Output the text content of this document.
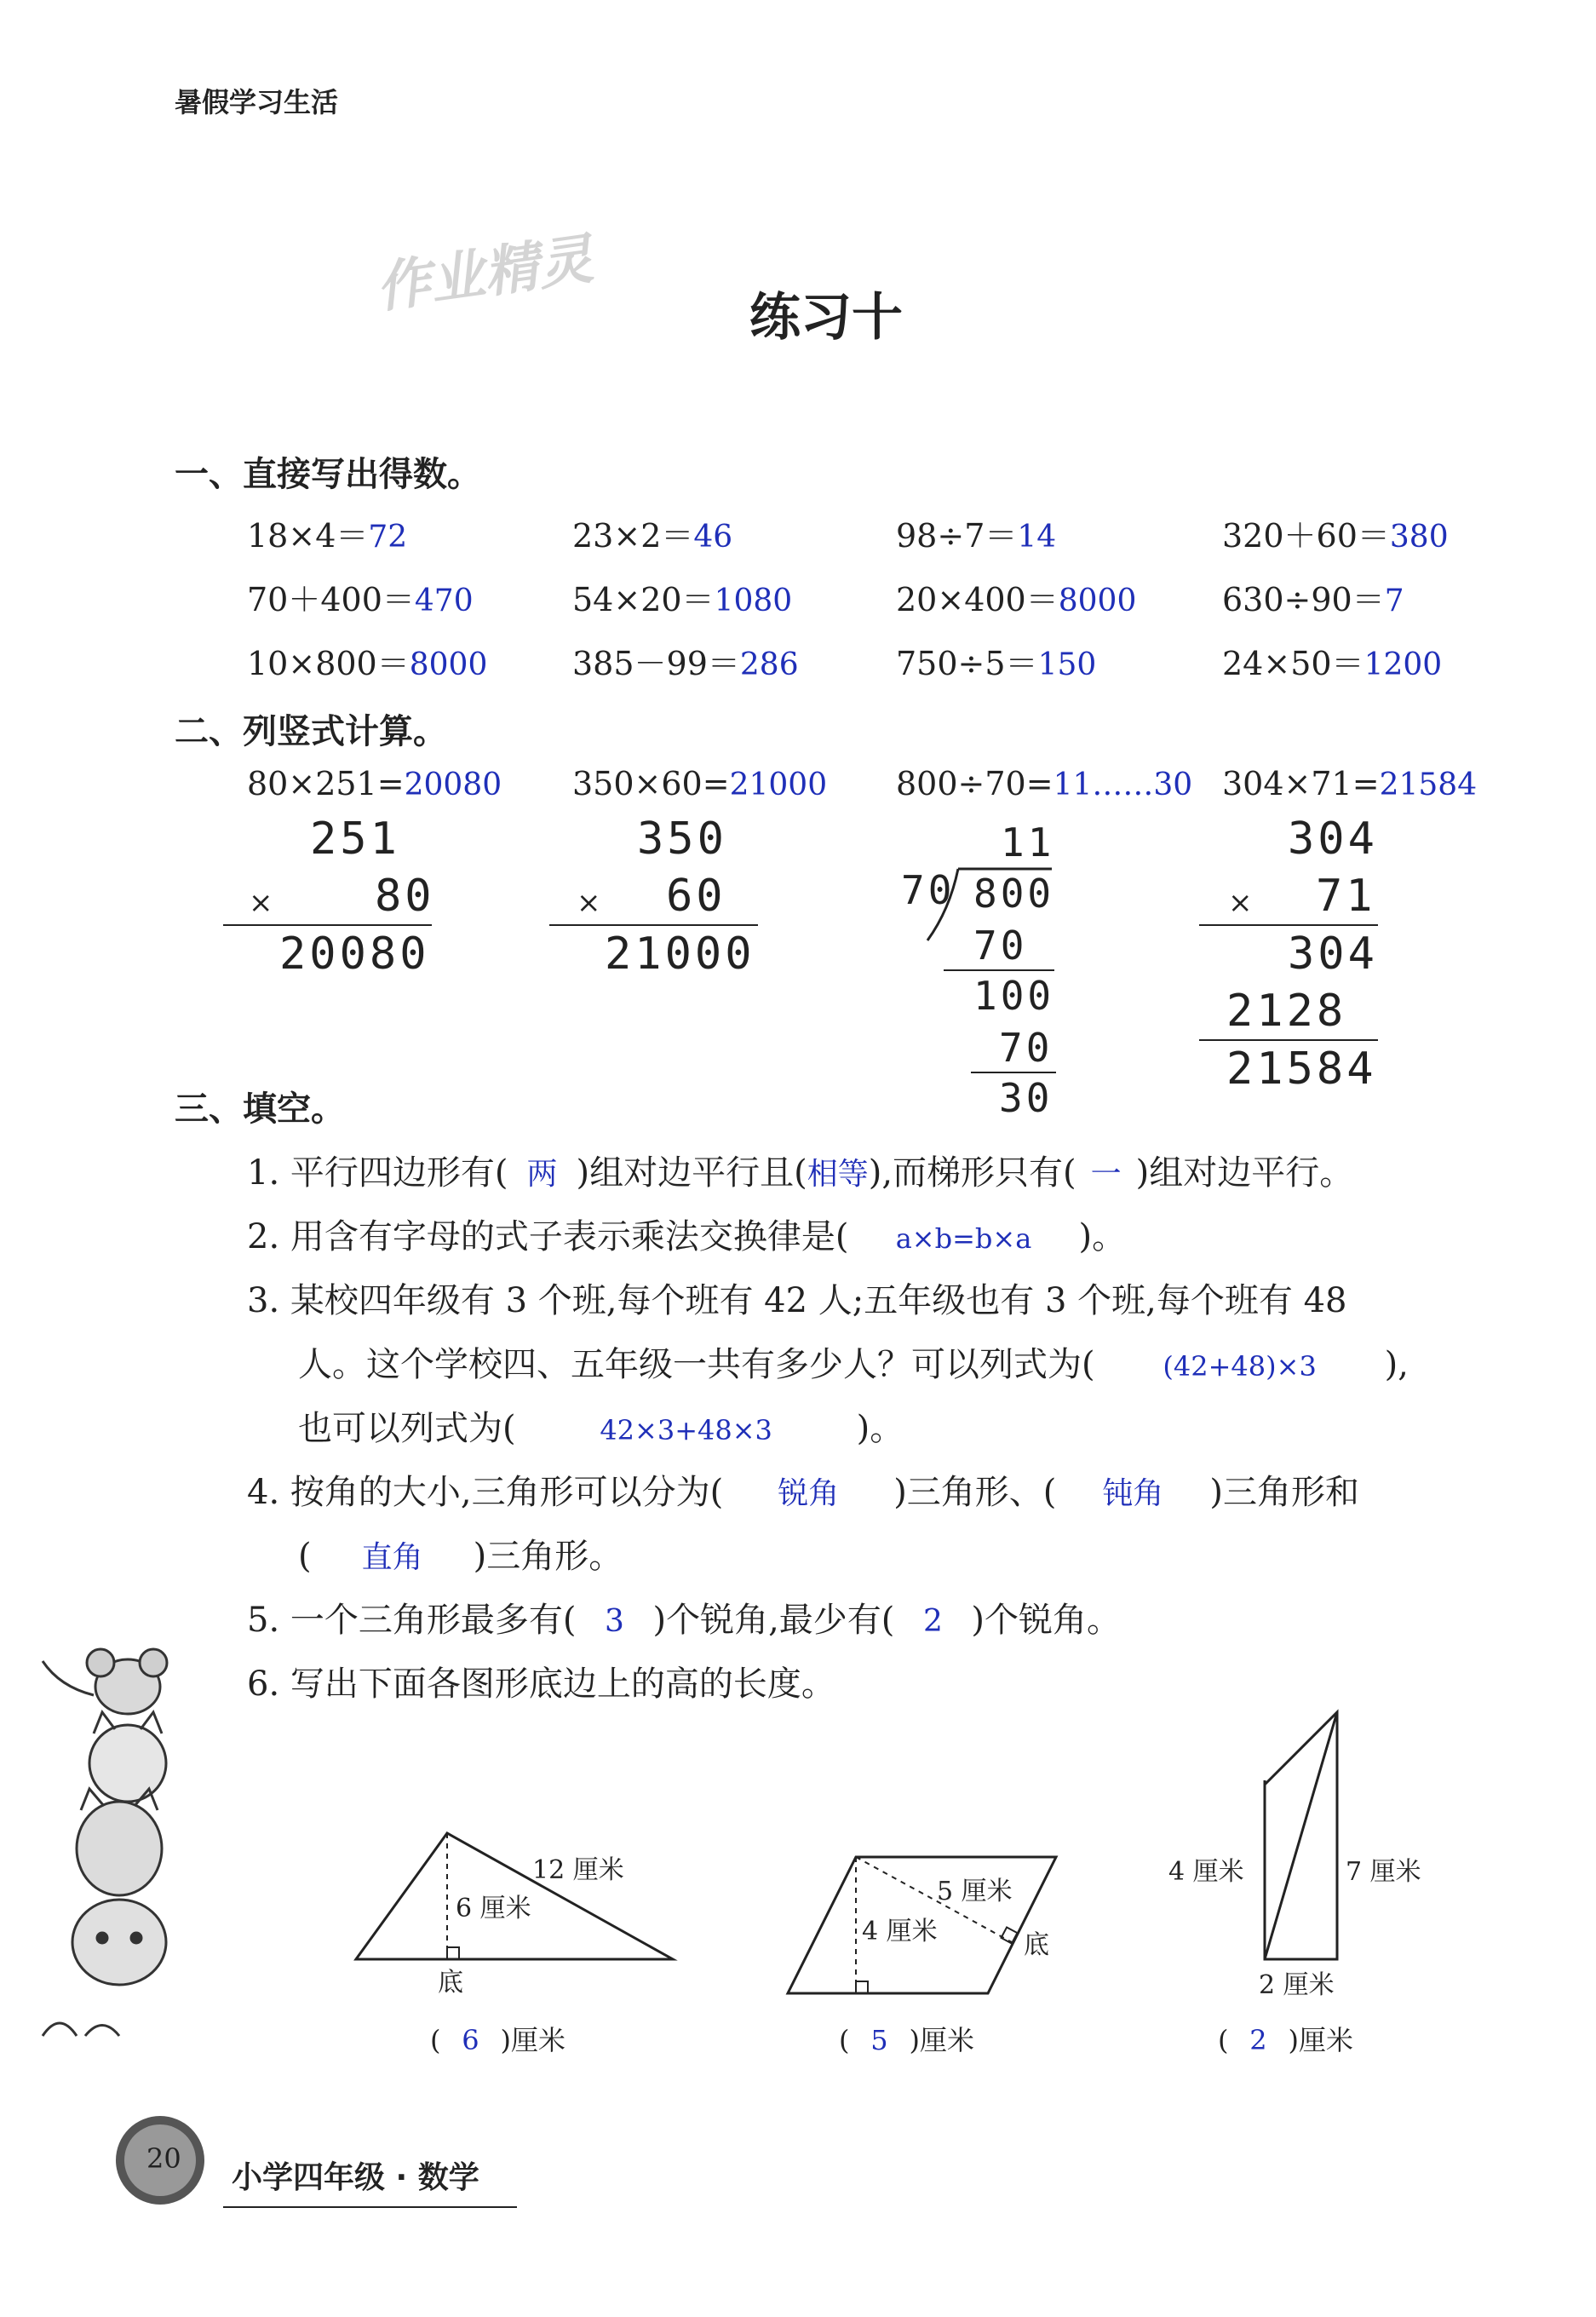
暑假学习生活
作业精灵	练习十
一、直接写出得数。
18×4＝72	23×2＝46	98÷7＝14	320＋60＝380
70＋400＝470	54×20＝1080	20×400＝8000	630÷90＝7
10×800＝8000	385－99＝286	750÷5＝150	24×50＝1200
二、列竖式计算。
80×251=20080 350×60=21000 800÷70=11……30 304×71=21584
251
× 80
20080
350
× 60
21000
11
70 800
70
100
70
30
304
× 71
304
2128
21584
三、填空。
1. 平行四边形有( 两 )组对边平行且(相等),而梯形只有( 一 )组对边平行。
2. 用含有字母的式子表示乘法交换律是( a×b=b×a )。
3. 某校四年级有 3 个班,每个班有 42 人;五年级也有 3 个班,每个班有 48
人。这个学校四、五年级一共有多少人？可以列式为( (42+48)×3 ),
也可以列式为(	42×3+48×3 )。
4. 按角的大小,三角形可以分为( 锐角 )三角形、( 钝角 )三角形和
( 直角 )三角形。
5. 一个三角形最多有( 3 )个锐角,最少有( 2 )个锐角。
6. 写出下面各图形底边上的高的长度。
12 厘米
6 厘米
底
( 6 )厘米
5 厘米
4 厘米	底
( 5 )厘米
4 厘米	7 厘米
2 厘米
( 2 )厘米
20
小学四年级 · 数学
